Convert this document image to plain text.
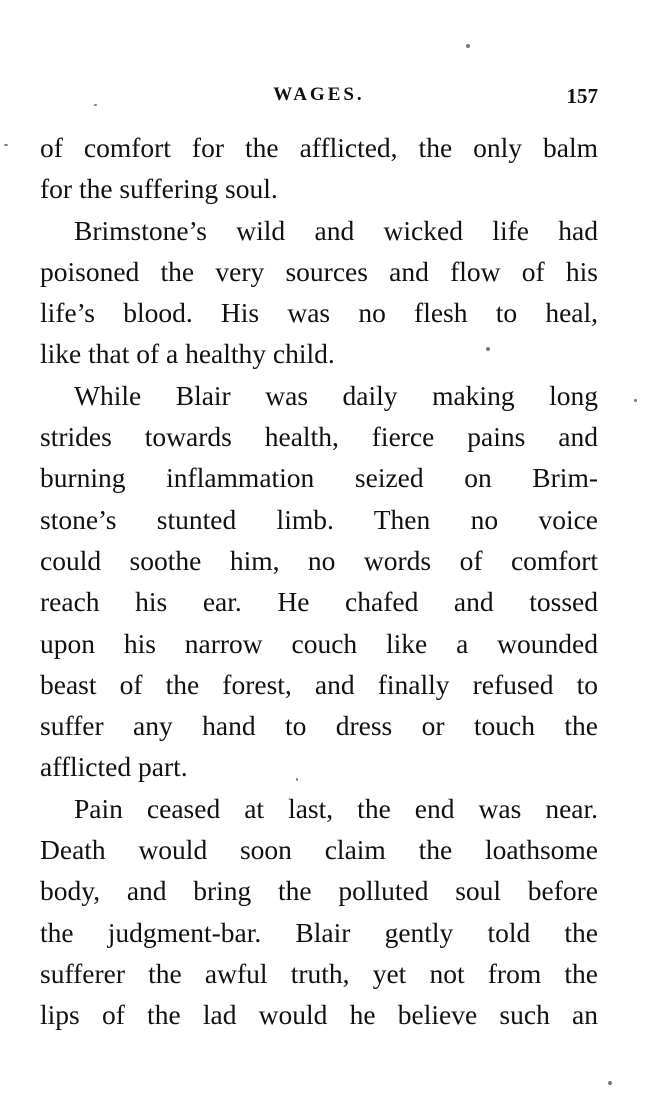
WAGES.	157
of comfort for the afflicted, the only balm
for the suffering soul.
Brimstone’s wild and wicked life had
poisoned the very sources and flow of his
life’s blood. His was no flesh to heal,
like that of a healthy child.
While Blair was daily making long
strides towards health, fierce pains and
burning inflammation seized on Brim-
stone’s stunted limb. Then no voice
could soothe him, no words of comfort
reach his ear. He chafed and tossed
upon his narrow couch like a wounded
beast of the forest, and finally refused to
suffer any hand to dress or touch the
afflicted part.
Pain ceased at last, the end was near.
Death would soon claim the loathsome
body, and bring the polluted soul before
the judgment-bar. Blair gently told the
sufferer the awful truth, yet not from the
lips of the lad would he believe such an
